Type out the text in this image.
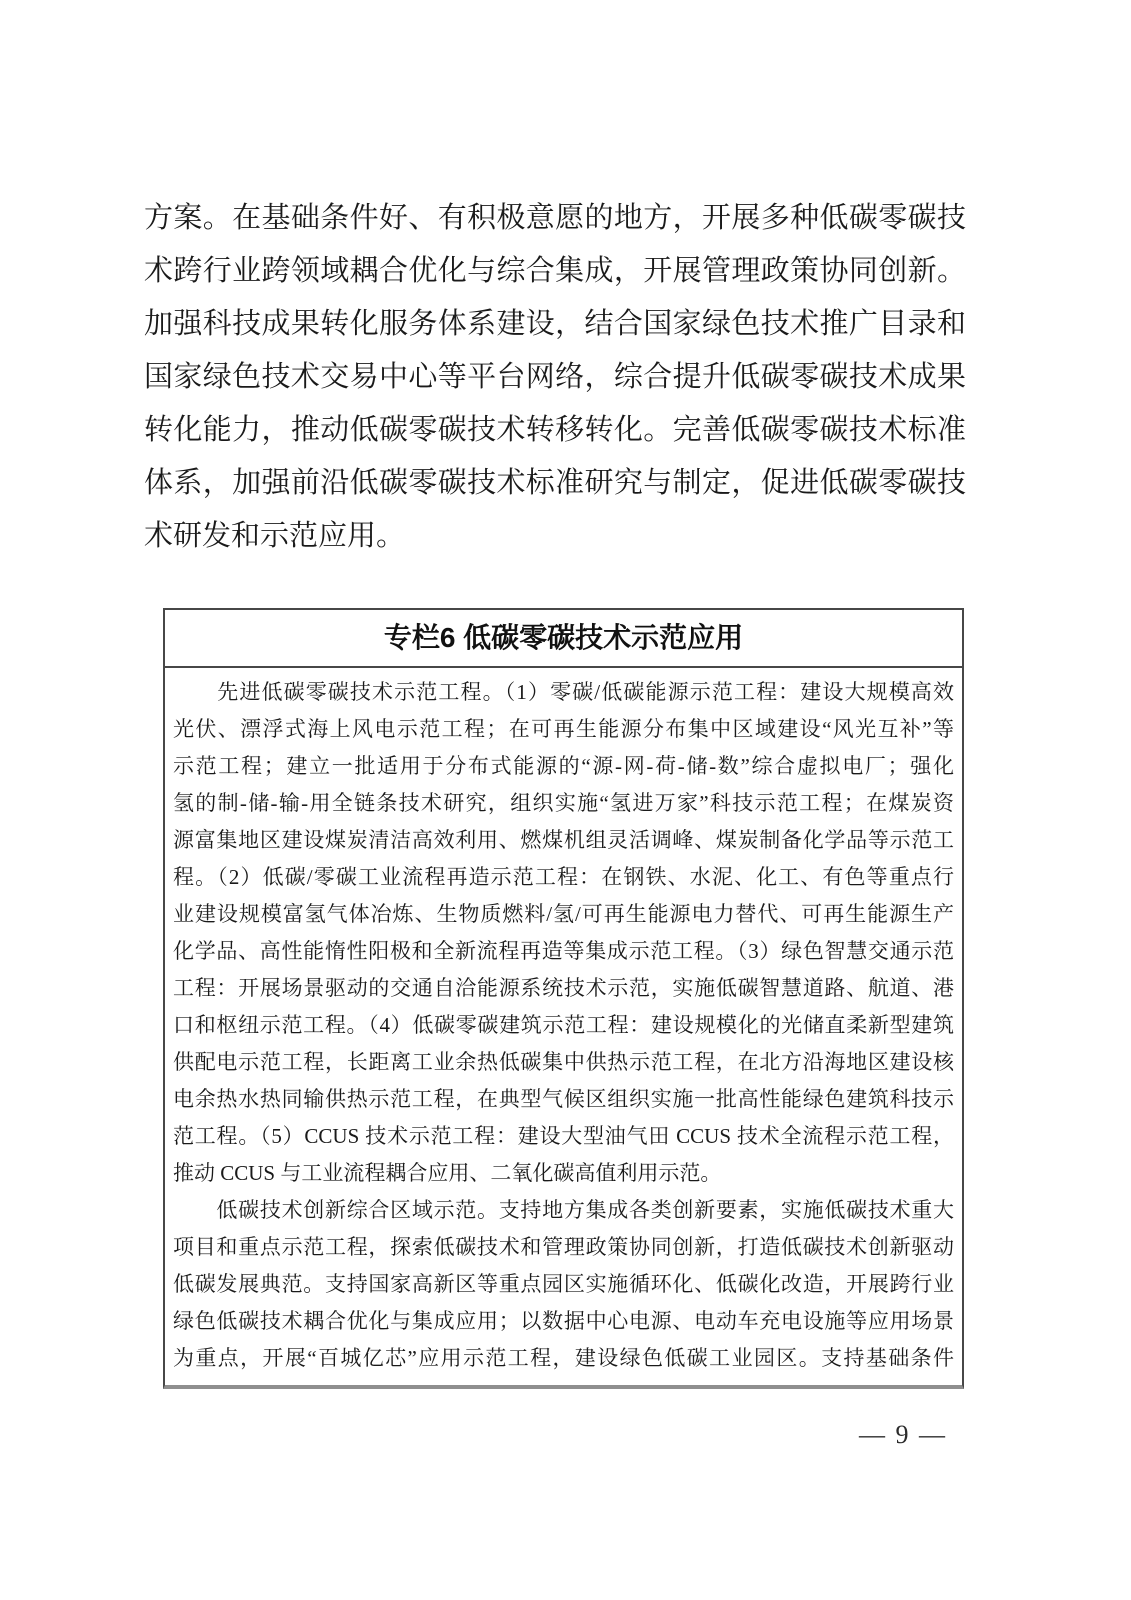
方案。在基础条件好、有积极意愿的地方，开展多种低碳零碳技
术跨行业跨领域耦合优化与综合集成，开展管理政策协同创新。
加强科技成果转化服务体系建设，结合国家绿色技术推广目录和
国家绿色技术交易中心等平台网络，综合提升低碳零碳技术成果
转化能力，推动低碳零碳技术转移转化。完善低碳零碳技术标准
体系，加强前沿低碳零碳技术标准研究与制定，促进低碳零碳技
术研发和示范应用。
专栏6 低碳零碳技术示范应用
　　先进低碳零碳技术示范工程。（1）零碳/低碳能源示范工程：建设大规模高效
光伏、漂浮式海上风电示范工程；在可再生能源分布集中区域建设“风光互补”等
示范工程；建立一批适用于分布式能源的“源-网-荷-储-数”综合虚拟电厂；强化
氢的制-储-输-用全链条技术研究，组织实施“氢进万家”科技示范工程；在煤炭资
源富集地区建设煤炭清洁高效利用、燃煤机组灵活调峰、煤炭制备化学品等示范工
程。（2）低碳/零碳工业流程再造示范工程：在钢铁、水泥、化工、有色等重点行
业建设规模富氢气体冶炼、生物质燃料/氢/可再生能源电力替代、可再生能源生产
化学品、高性能惰性阳极和全新流程再造等集成示范工程。（3）绿色智慧交通示范
工程：开展场景驱动的交通自洽能源系统技术示范，实施低碳智慧道路、航道、港
口和枢纽示范工程。（4）低碳零碳建筑示范工程：建设规模化的光储直柔新型建筑
供配电示范工程，长距离工业余热低碳集中供热示范工程，在北方沿海地区建设核
电余热水热同输供热示范工程，在典型气候区组织实施一批高性能绿色建筑科技示
范工程。（5）CCUS 技术示范工程：建设大型油气田 CCUS 技术全流程示范工程，
推动 CCUS 与工业流程耦合应用、二氧化碳高值利用示范。
　　低碳技术创新综合区域示范。支持地方集成各类创新要素，实施低碳技术重大
项目和重点示范工程，探索低碳技术和管理政策协同创新，打造低碳技术创新驱动
低碳发展典范。支持国家高新区等重点园区实施循环化、低碳化改造，开展跨行业
绿色低碳技术耦合优化与集成应用；以数据中心电源、电动车充电设施等应用场景
为重点，开展“百城亿芯”应用示范工程，建设绿色低碳工业园区。支持基础条件
— 9 —
